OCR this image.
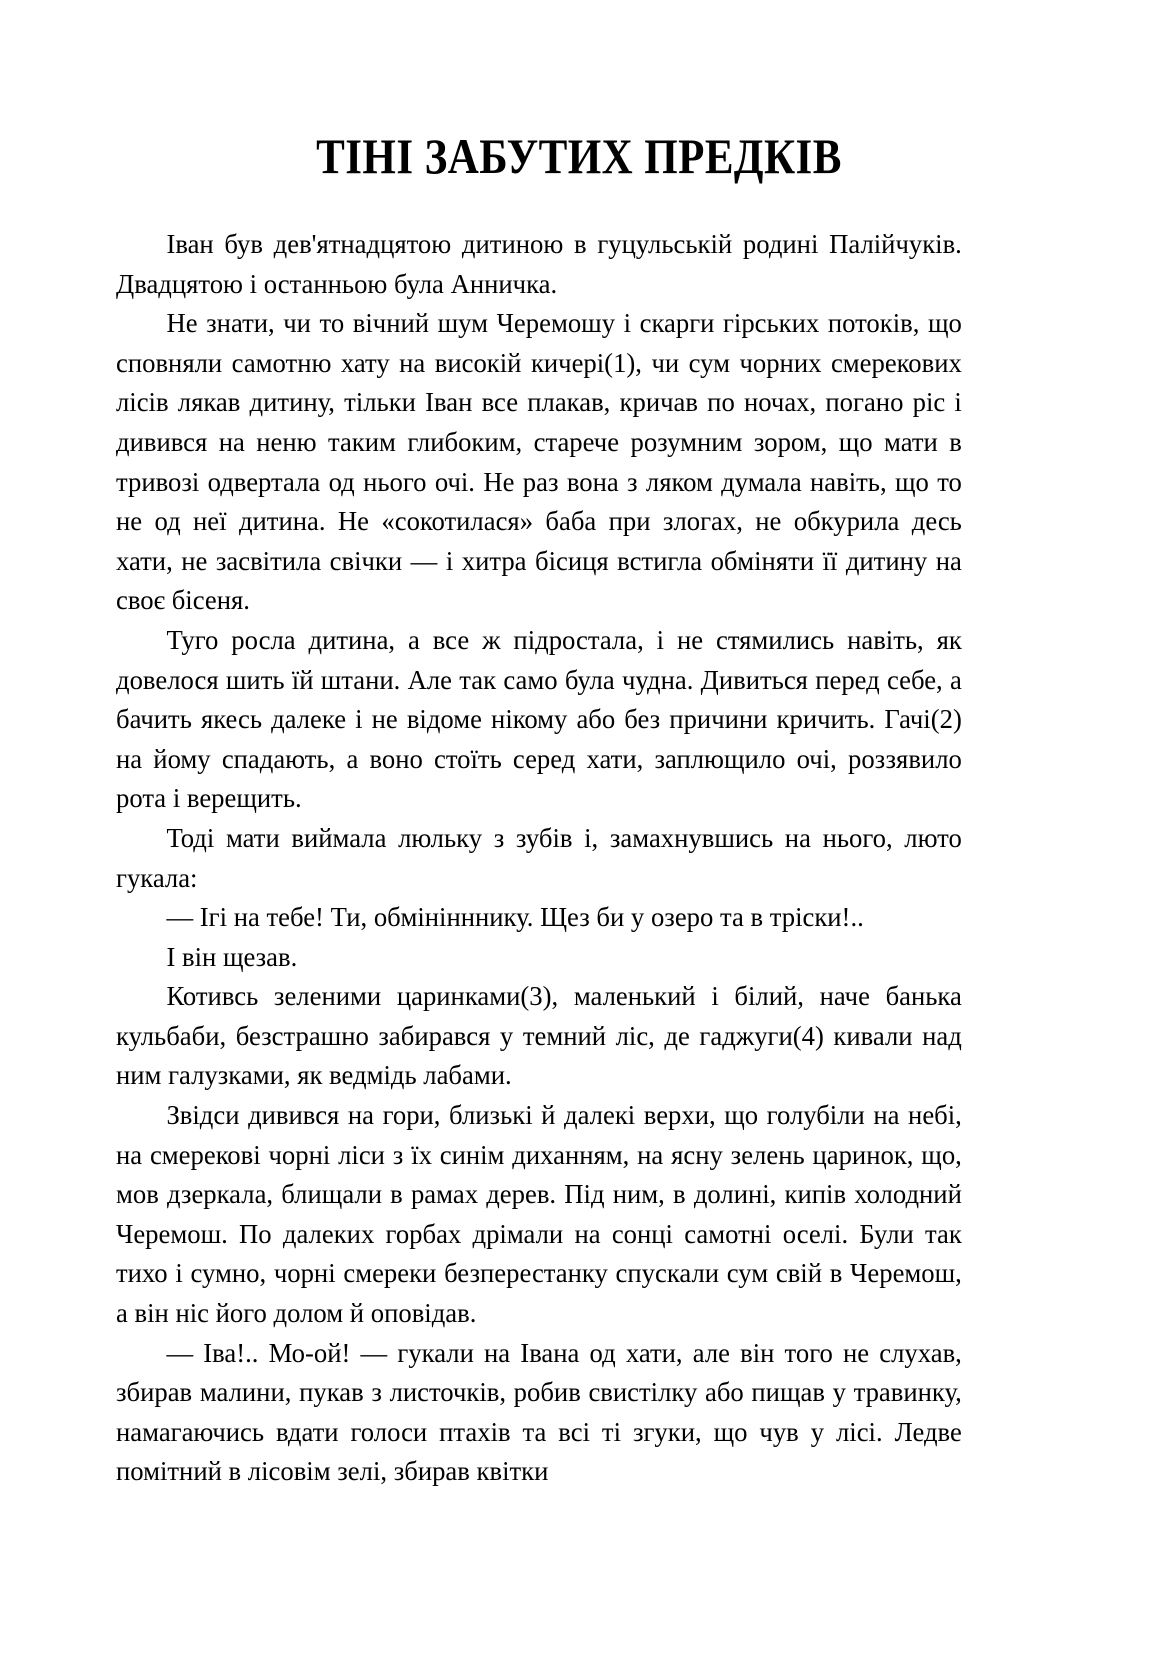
ТІНІ ЗАБУТИХ ПРЕДКІВ

Іван був дев'ятнадцятою дитиною в гуцульській родині Палійчуків. Двадцятою і останньою була Анничка.

Не знати, чи то вічний шум Черемошу і скарги гірських потоків, що сповняли самотню хату на високій кичері(1), чи сум чорних смерекових лісів лякав дитину, тільки Іван все плакав, кричав по ночах, погано ріс і дивився на неню таким глибоким, старече розумним зором, що мати в тривозі одвертала од нього очі. Не раз вона з ляком думала навіть, що то не од неї дитина. Не «сокотилася» баба при злогах, не обкурила десь хати, не засвітила свічки — і хитра бісиця встигла обміняти її дитину на своє бісеня.

Туго росла дитина, а все ж підростала, і не стямились навіть, як довелося шить їй штани. Але так само була чудна. Дивиться перед себе, а бачить якесь далеке і не відоме нікому або без причини кричить. Гачі(2) на йому спадають, а воно стоїть серед хати, заплющило очі, роззявило рота і верещить.

Тоді мати виймала люльку з зубів і, замахнувшись на нього, люто гукала:

— Ігі на тебе! Ти, обмінінннику. Щез би у озеро та в тріски!..

І він щезав.

Котивсь зеленими царинками(3), маленький і білий, наче банька кульбаби, безстрашно забирався у темний ліс, де гаджуги(4) кивали над ним галузками, як ведмідь лабами.

Звідси дивився на гори, близькі й далекі верхи, що голубіли на небі, на смерекові чорні ліси з їх синім диханням, на ясну зелень царинок, що, мов дзеркала, блищали в рамах дерев. Під ним, в долині, кипів холодний Черемош. По далеких горбах дрімали на сонці самотні оселі. Були так тихо і сумно, чорні смереки безперестанку спускали сум свій в Черемош, а він ніс його долом й оповідав.

— Іва!.. Мо-ой! — гукали на Івана од хати, але він того не слухав, збирав малини, пукав з листочків, робив свистілку або пищав у травинку, намагаючись вдати голоси птахів та всі ті згуки, що чув у лісі. Ледве помітний в лісовім зелі, збирав квітки
